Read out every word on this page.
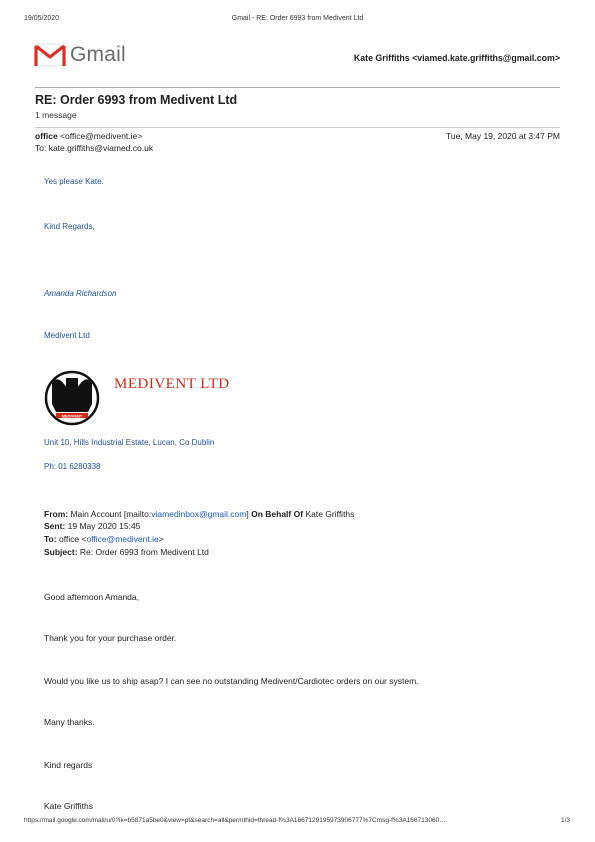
19/05/2020	Gmail - RE: Order 6993 from Medivent Ltd
Gmail	Kate Griffiths <viamed.kate.griffiths@gmail.com>
RE: Order 6993 from Medivent Ltd
1 message
office <office@medivent.ie>	Tue, May 19, 2020 at 3:47 PM
To: kate.griffiths@viamed.co.uk
Yes please Kate.
Kind Regards,
Amanda Richardson
Medivent Ltd
MEDIVENT
MEDIVENT LTD
Unit 10, Hills Industrial Estate, Lucan, Co Dublin
Ph: 01 6280338
From: Main Account [mailto:viamedinbox@gmail.com] On Behalf Of Kate Griffiths
Sent: 19 May 2020 15:45
To: office <office@medivent.ie>
Subject: Re: Order 6993 from Medivent Ltd
Good afternoon Amanda,
Thank you for your purchase order.
Would you like us to ship asap? I can see no outstanding Medivent/Cardiotec orders on our system.
Many thanks.
Kind regards
Kate Griffiths
https://mail.google.com/mail/u/0?ik=b5871a5be0&view=pt&search=all&permthid=thread-f%3A1667129195973906777%7Cmsg-f%3A166713060…	1/3
